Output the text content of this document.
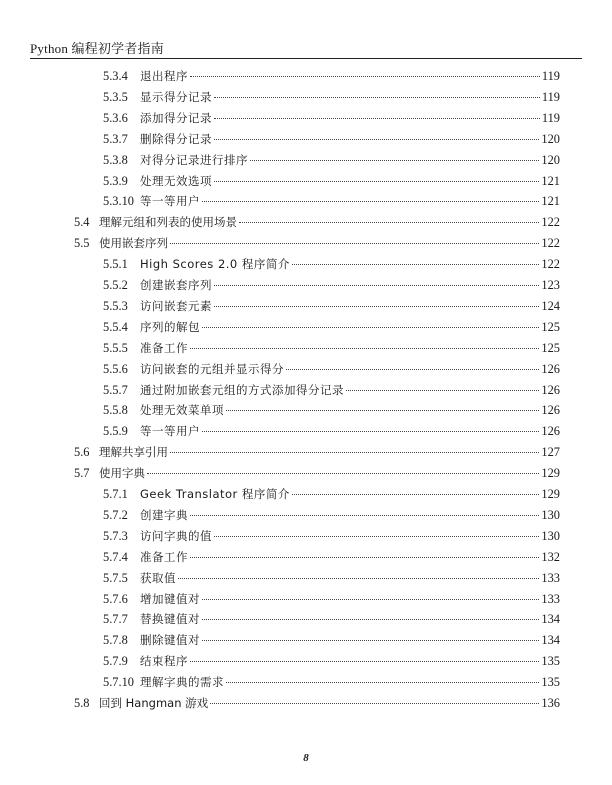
Python 编程初学者指南
5.3.4	退出程序	119
5.3.5	显示得分记录	119
5.3.6	添加得分记录	119
5.3.7	删除得分记录	120
5.3.8	对得分记录进行排序	120
5.3.9	处理无效选项	121
5.3.10 等一等用户	121
5.4 理解元组和列表的使用场景	122
5.5 使用嵌套序列	122
5.5.1	High Scores 2.0 程序简介	122
5.5.2	创建嵌套序列	123
5.5.3	访问嵌套元素	124
5.5.4	序列的解包	125
5.5.5	准备工作	125
5.5.6	访问嵌套的元组并显示得分	126
5.5.7	通过附加嵌套元组的方式添加得分记录	126
5.5.8	处理无效菜单项	126
5.5.9	等一等用户	126
5.6 理解共享引用	127
5.7 使用字典	129
5.7.1	Geek Translator 程序简介	129
5.7.2	创建字典	130
5.7.3	访问字典的值	130
5.7.4	准备工作	132
5.7.5	获取值	133
5.7.6	增加键值对	133
5.7.7	替换键值对	134
5.7.8	删除键值对	134
5.7.9	结束程序	135
5.7.10 理解字典的需求	135
5.8 回到 Hangman 游戏	136
8
